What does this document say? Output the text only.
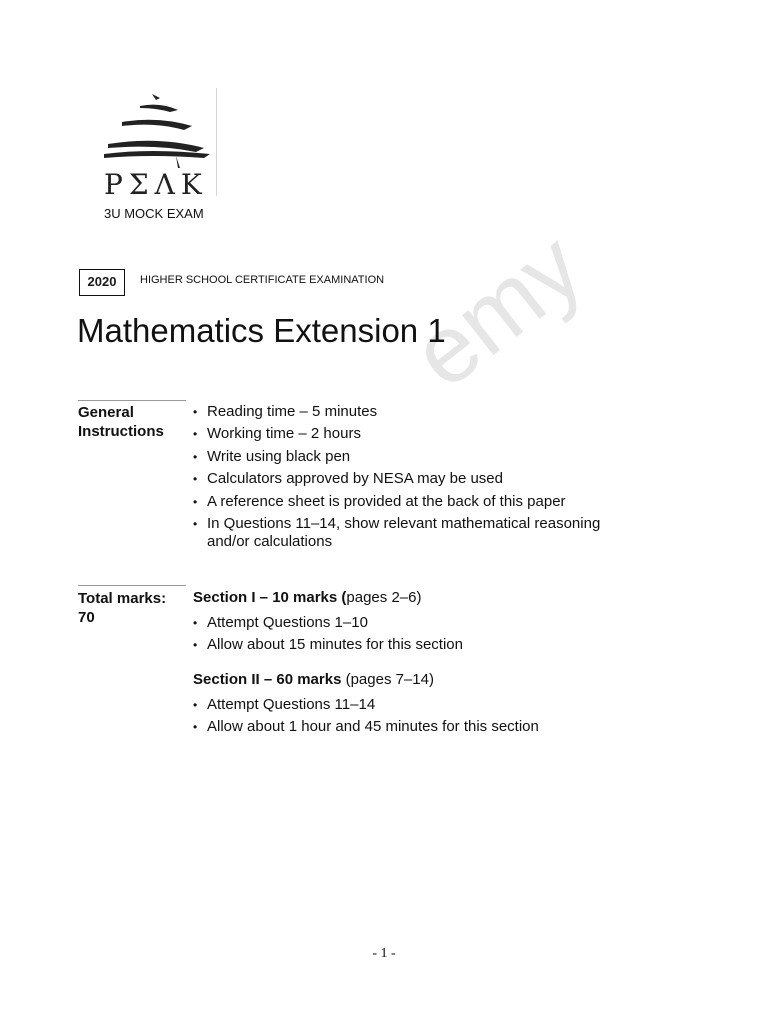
emy
ΡΣΛΚ
3U MOCK EXAM
2020	HIGHER SCHOOL CERTIFICATE EXAMINATION
Mathematics Extension 1
General Instructions
• Reading time – 5 minutes
• Working time – 2 hours
• Write using black pen
• Calculators approved by NESA may be used
• A reference sheet is provided at the back of this paper
• In Questions 11–14, show relevant mathematical reasoning and/or calculations
Total marks: 70
Section I – 10 marks (pages 2–6)
• Attempt Questions 1–10
• Allow about 15 minutes for this section
Section II – 60 marks (pages 7–14)
• Attempt Questions 11–14
• Allow about 1 hour and 45 minutes for this section
- 1 -
